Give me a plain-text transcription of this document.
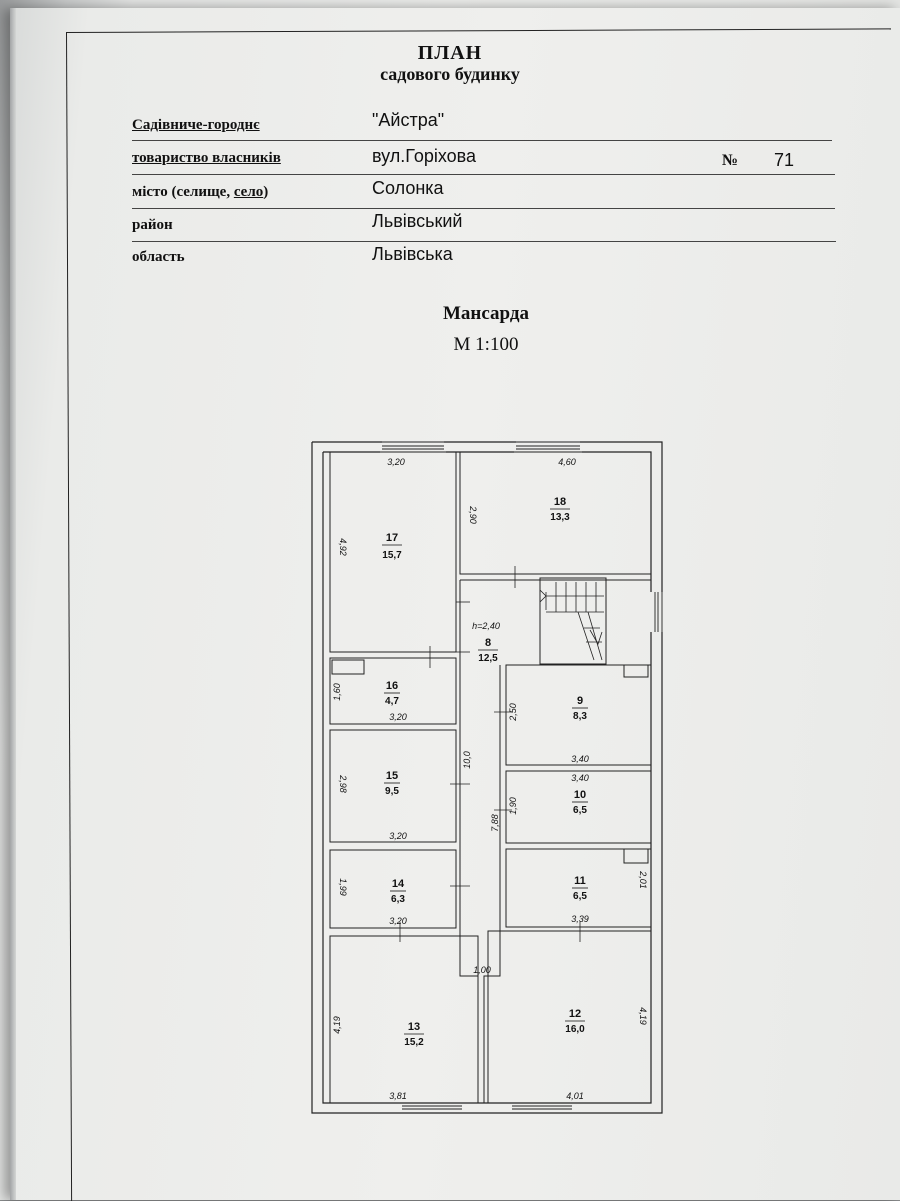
ПЛАН
садового будинку
Садівниче-городнє	"Айстра"
товариство власників	вул.Горіхова	№ 71
місто (селище, село)	Солонка
район	Львівський
область	Львівська
Мансарда
М 1:100
3,20
4,92
4,60
2,90
1,60
3,20	2,50
3,40
2,98
3,20
10,0
3,40
1,90
7,88
1,99
3,20
2,01
3,39
1,00
4,19
3,81
4,19
4,01
17
15,7
18
13,3
h=2,40
8
12,5
16
4,7	9
8,3
15
9,5	10
6,5
14
6,3
11
6,5
13
15,2
12
16,0
